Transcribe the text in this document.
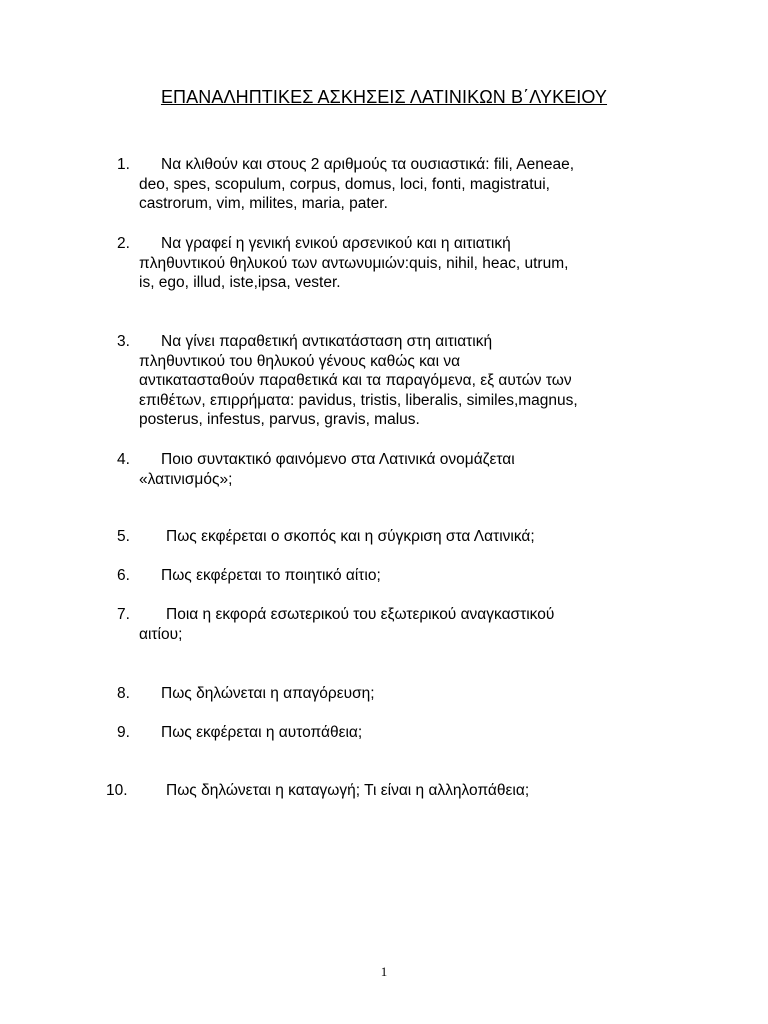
ΕΠΑΝΑΛΗΠΤΙΚΕΣ ΑΣΚΗΣΕΙΣ ΛΑΤΙΝΙΚΩΝ Β΄ΛΥΚΕΙΟΥ
1.	Να κλιθούν και στους 2 αριθμούς τα ουσιαστικά: fili, Aeneae,
deo, spes, scopulum, corpus, domus, loci, fonti, magistratui,
castrorum, vim, milites, maria, pater.
2.	Να γραφεί η γενική ενικού αρσενικού και η αιτιατική
πληθυντικού θηλυκού των αντωνυμιών:quis, nihil, heac, utrum,
is, ego, illud, iste,ipsa, vester.
3.	Να γίνει παραθετική αντικατάσταση στη αιτιατική
πληθυντικού του θηλυκού γένους καθώς και να
αντικατασταθούν παραθετικά και τα παραγόμενα, εξ αυτών των
επιθέτων, επιρρήματα: pavidus, tristis, liberalis, similes,magnus,
posterus, infestus, parvus, gravis, malus.
4.	Ποιο συντακτικό φαινόμενο στα Λατινικά ονομάζεται
«λατινισμός»;
5.	Πως εκφέρεται ο σκοπός και η σύγκριση στα Λατινικά;
6.	Πως εκφέρεται το ποιητικό αίτιο;
7.	Ποια η εκφορά εσωτερικού του εξωτερικού αναγκαστικού
αιτίου;
8.	Πως δηλώνεται η απαγόρευση;
9.	Πως εκφέρεται η αυτοπάθεια;
10.	Πως δηλώνεται η καταγωγή; Τι είναι η αλληλοπάθεια;
1
